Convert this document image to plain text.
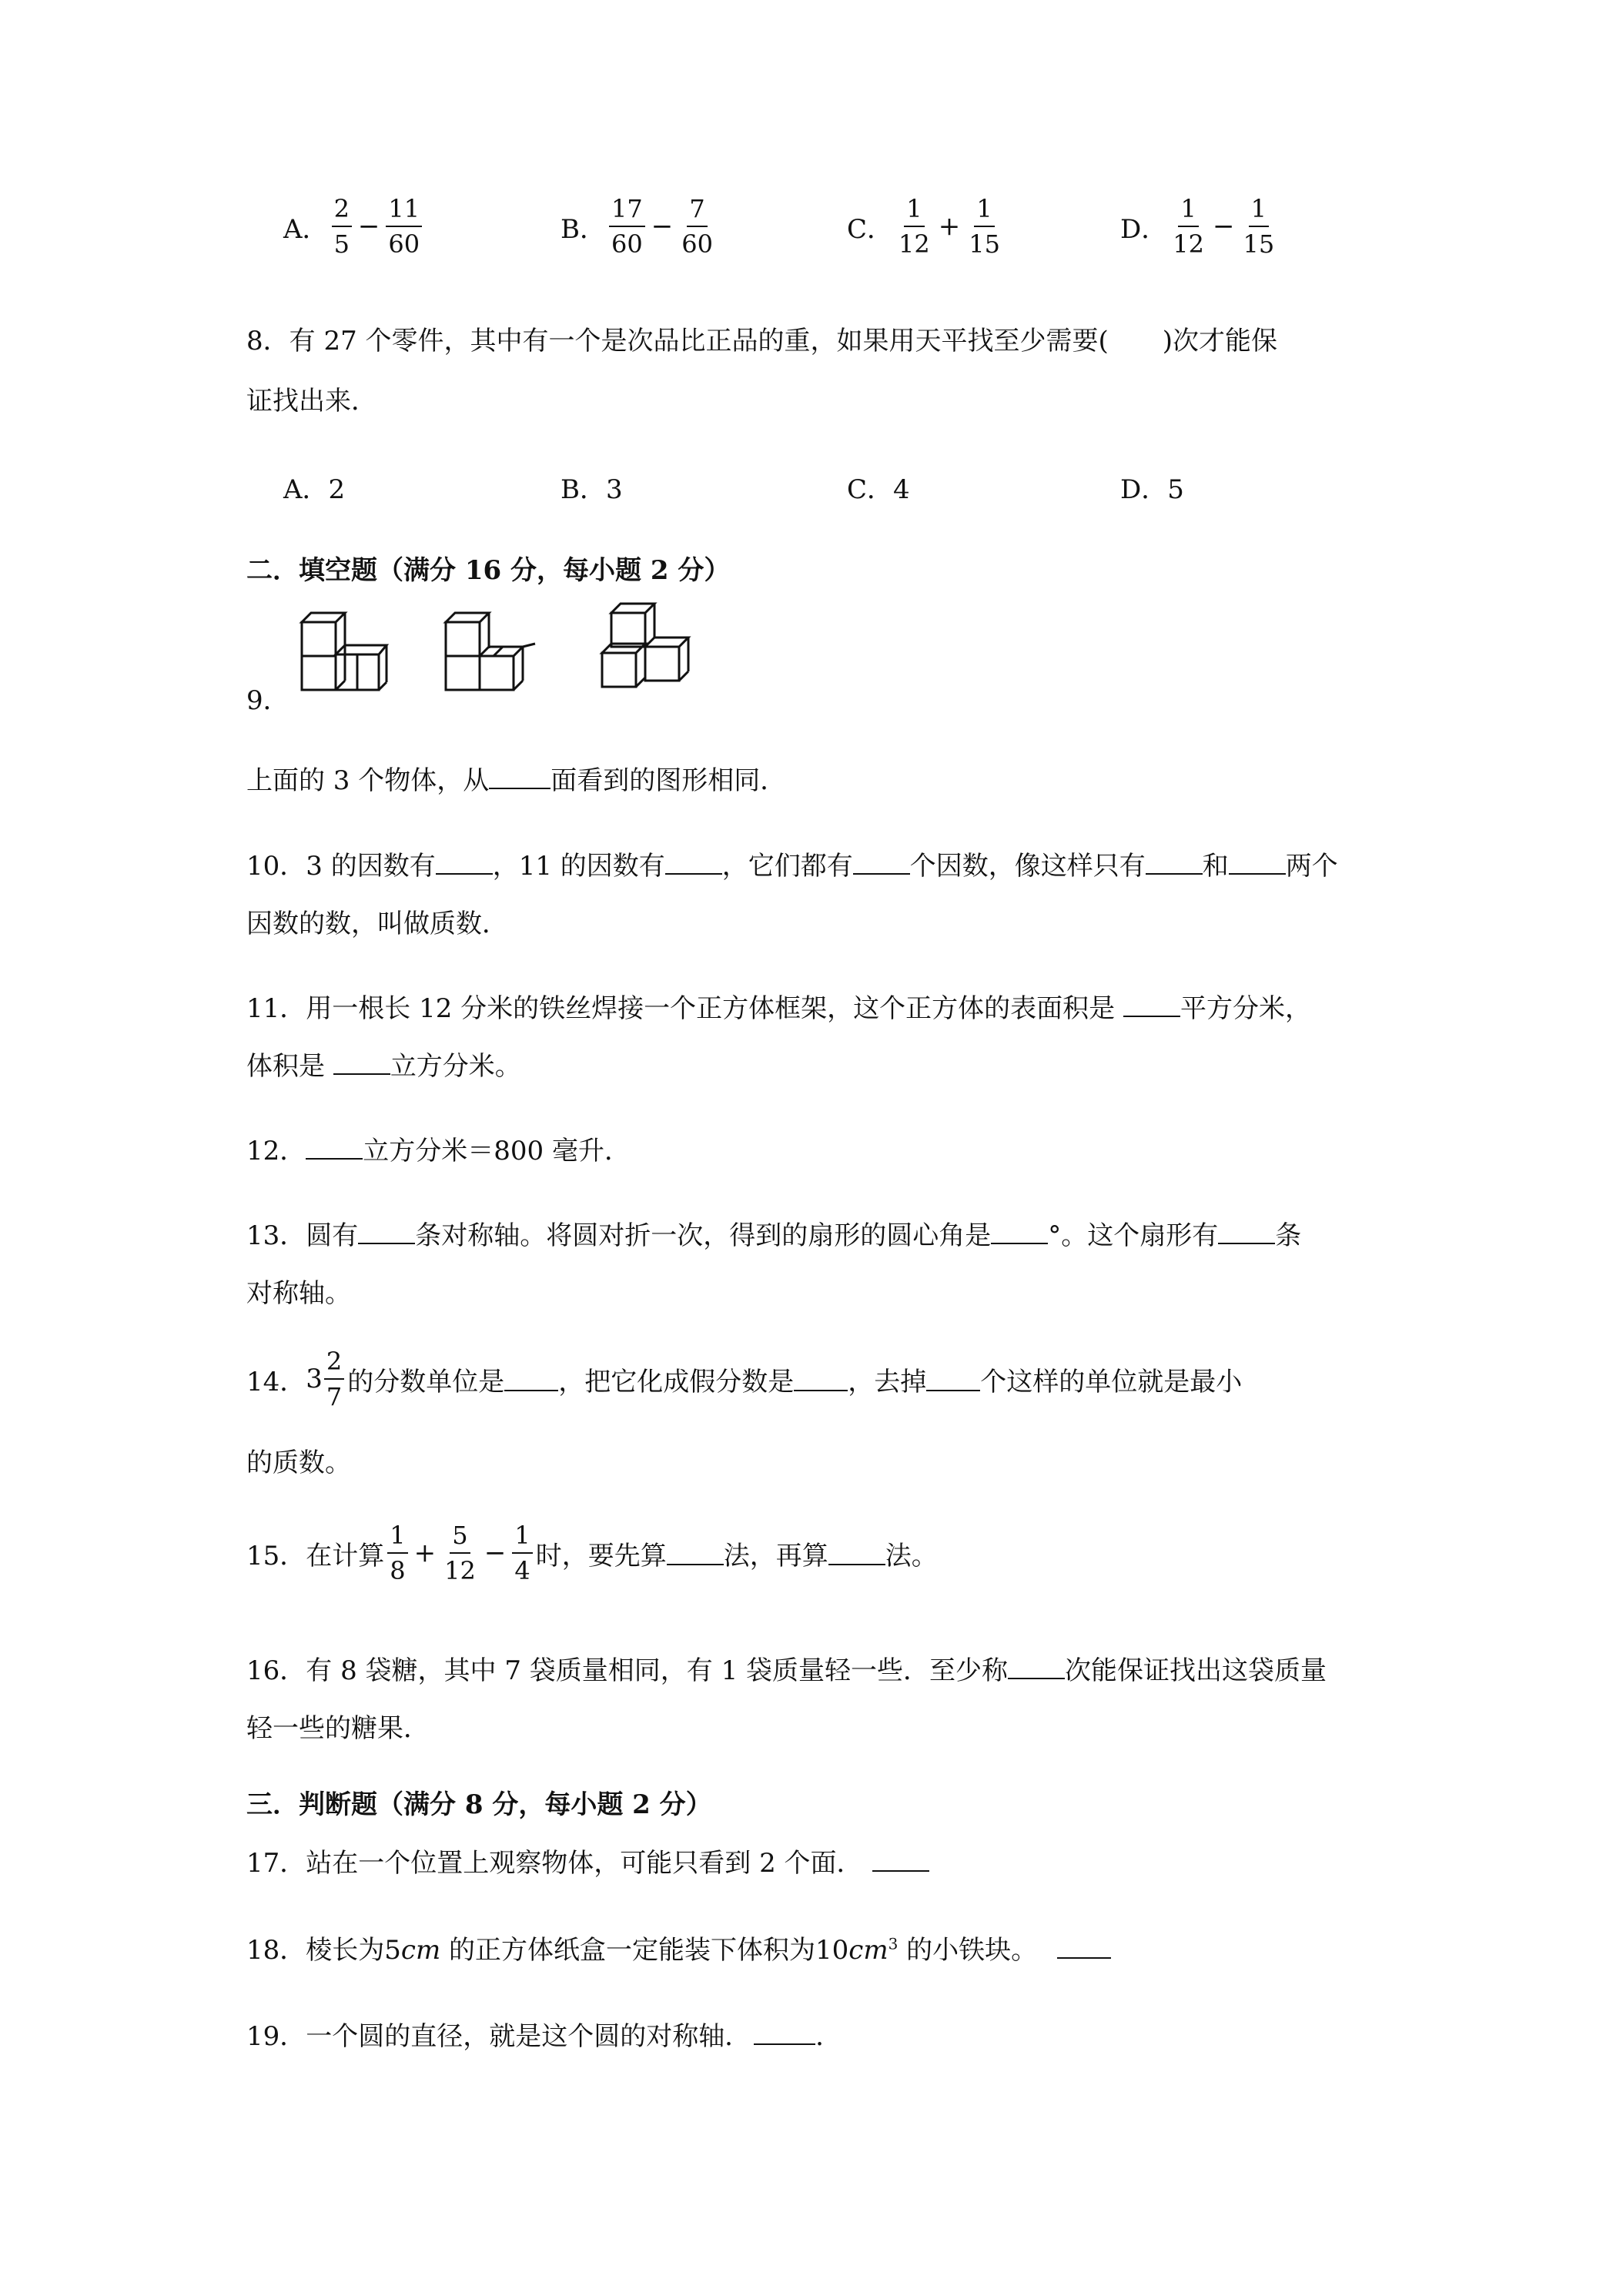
A． $\frac{2}{5} - \frac{11}{60}$	B． $\frac{17}{60} - \frac{7}{60}$	C． $\frac{1}{12} + \frac{1}{15}$	D． $\frac{1}{12} - \frac{1}{15}$
8．有 27 个零件，其中有一个是次品比正品的重，如果用天平找至少需要( )次才能保
证找出来．
A．2	B．3	C．4	D．5
二．填空题（满分 16 分，每小题 2 分）
9．
上面的 3 个物体，从 面看到的图形相同．
10．3 的因数有 ，11 的因数有 ，它们都有 个因数，像这样只有 和 两个
因数的数，叫做质数．
11．用一根长 12 分米的铁丝焊接一个正方体框架，这个正方体的表面积是 平方分米，
体积是 立方分米。
12． 立方分米＝800 毫升．
13．圆有 条对称轴。将圆对折一次，得到的扇形的圆心角是 °。这个扇形有 条
对称轴。
14． $3 \frac{2}{7}$ 的分数单位是 ，把它化成假分数是 ，去掉 个这样的单位就是最小
的质数。
15．在计算 $\frac{1}{8} + \frac{5}{12} - \frac{1}{4}$ 时，要先算 法，再算 法。
16．有 8 袋糖，其中 7 袋质量相同，有 1 袋质量轻一些．至少称 次能保证找出这袋质量
轻一些的糖果．
三．判断题（满分 8 分，每小题 2 分）
17．站在一个位置上观察物体，可能只看到 2 个面．
18．棱长为5cm 的正方体纸盒一定能装下体积为$10cm^3$ 的小铁块。
19．一个圆的直径，就是这个圆的对称轴． ．
